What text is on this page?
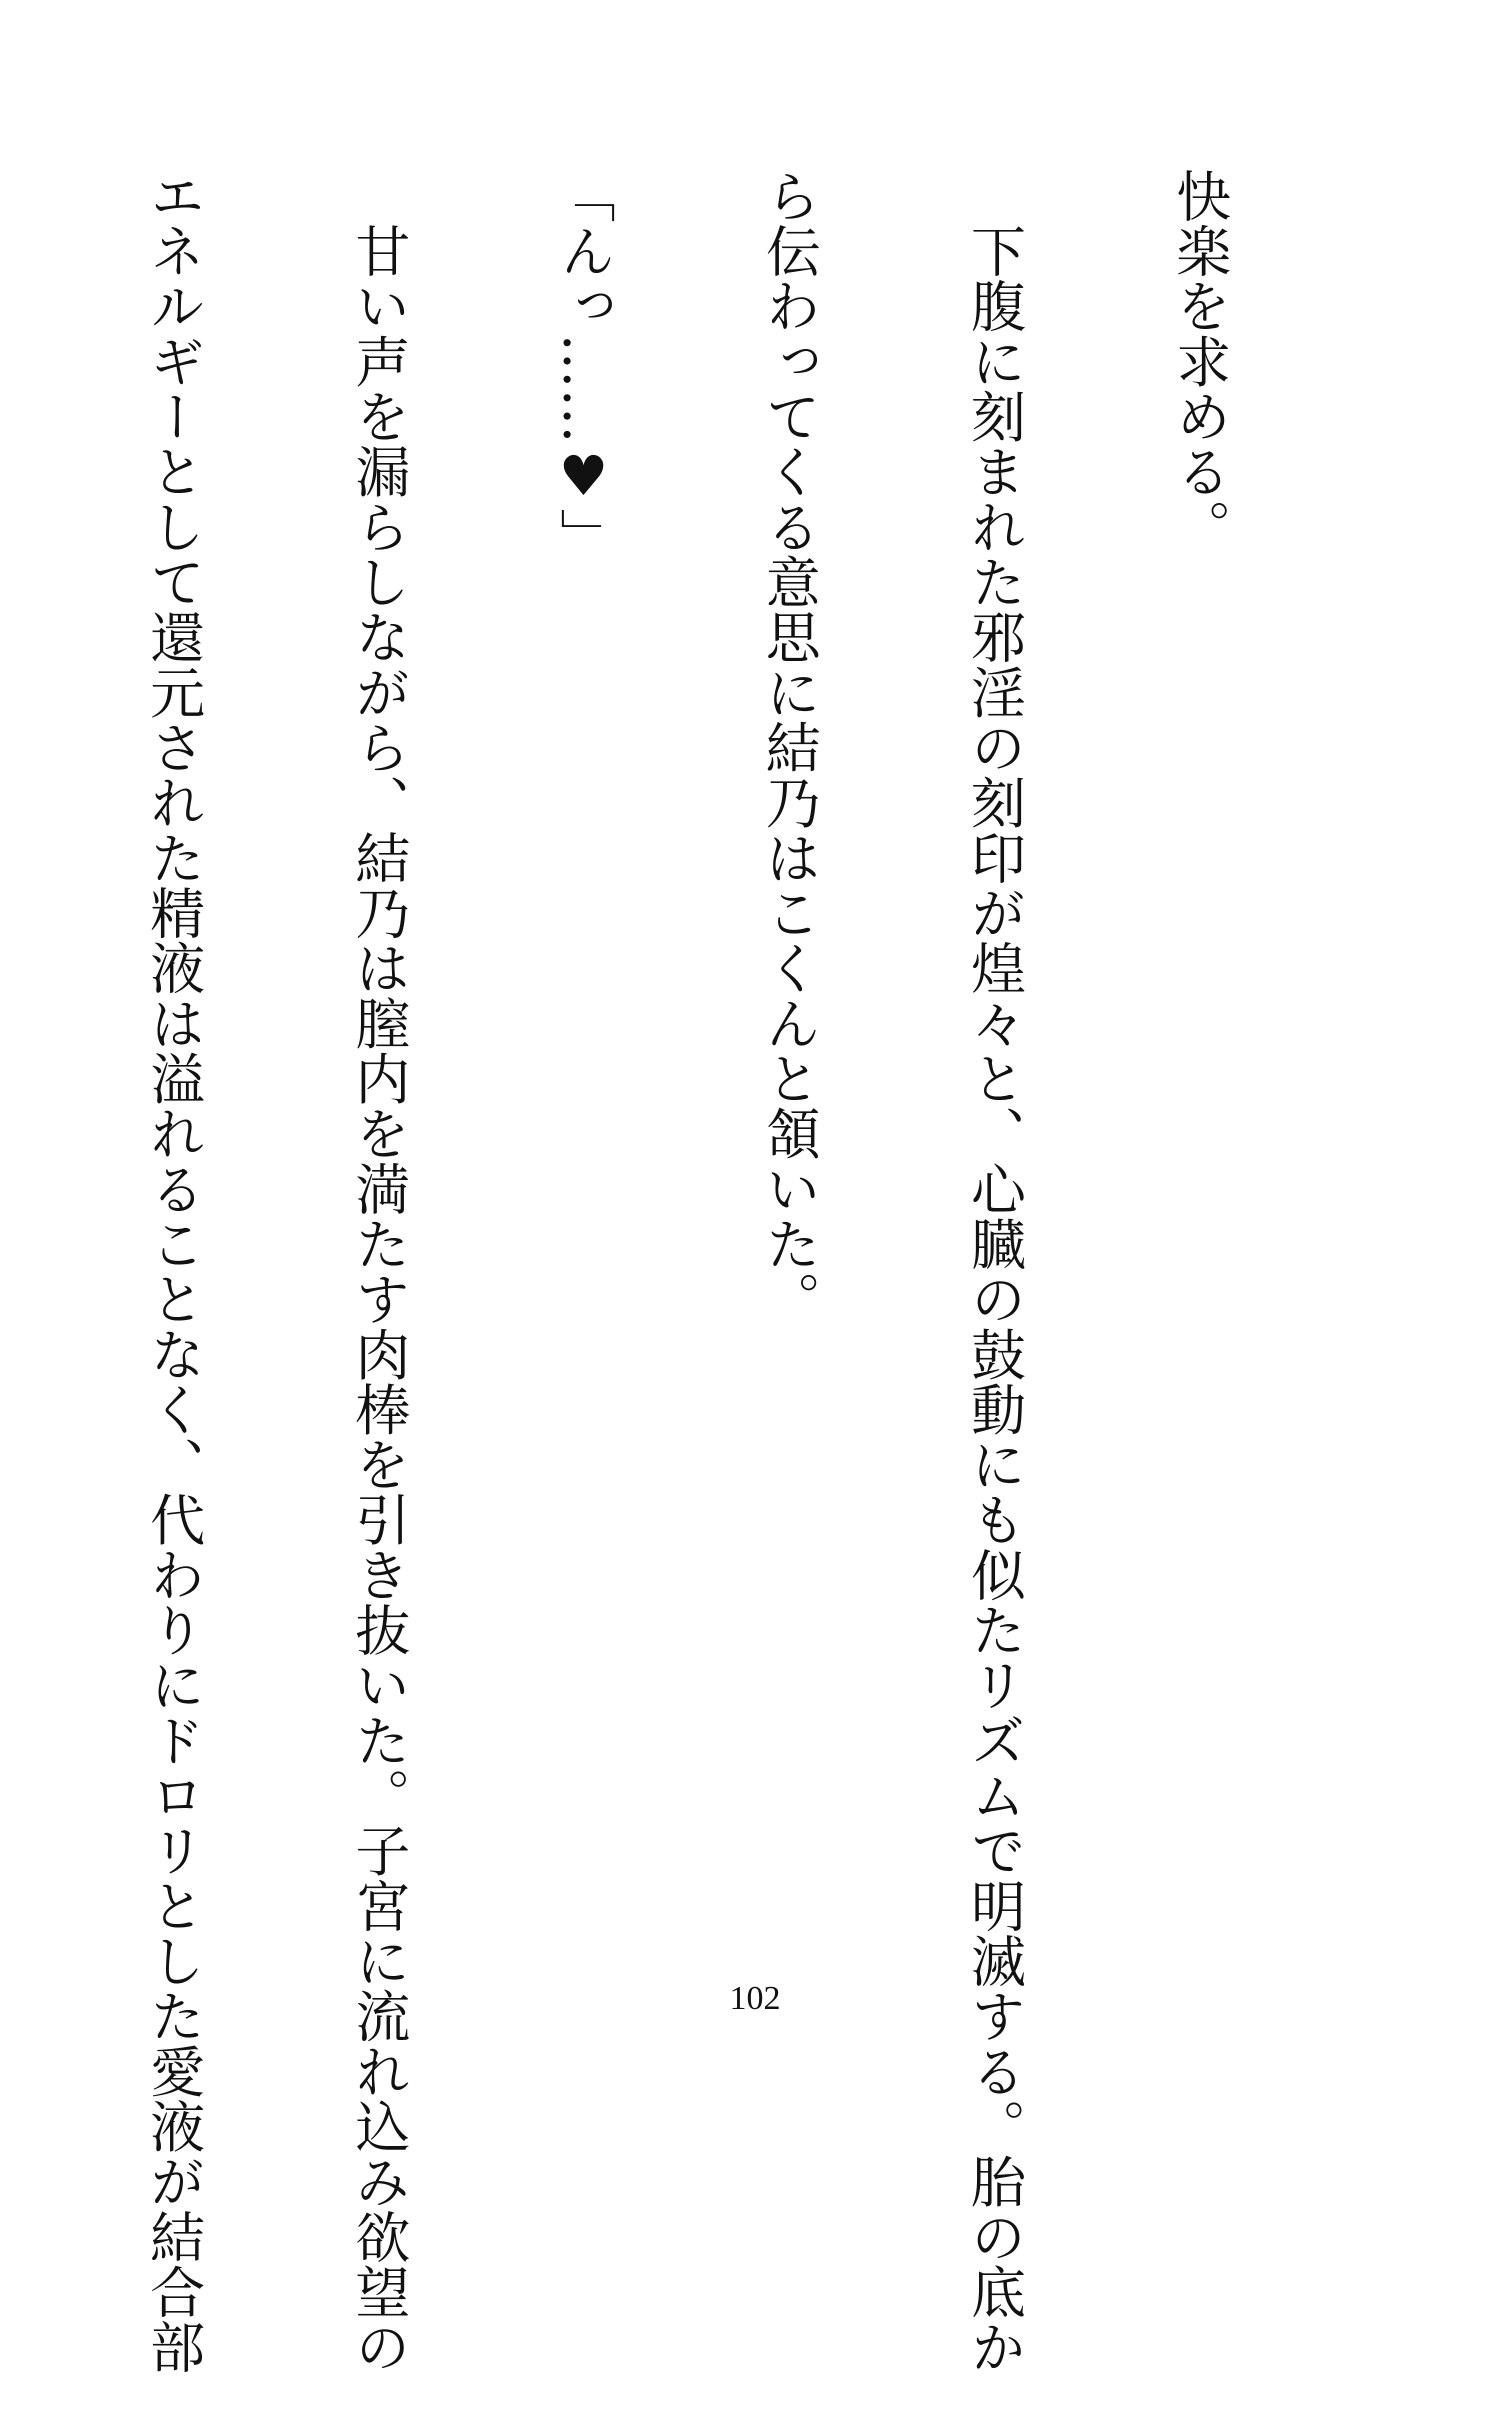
快楽を求める。

　下腹に刻まれた邪淫の刻印が煌々と、心臓の鼓動にも似たリズムで明滅する。胎の底か

ら伝わってくる意思に結乃はこくんと頷いた。

「んっ……♥」

　甘い声を漏らしながら、結乃は膣内を満たす肉棒を引き抜いた。子宮に流れ込み欲望の

エネルギーとして還元された精液は溢れることなく、代わりにドロリとした愛液が結合部

	102
